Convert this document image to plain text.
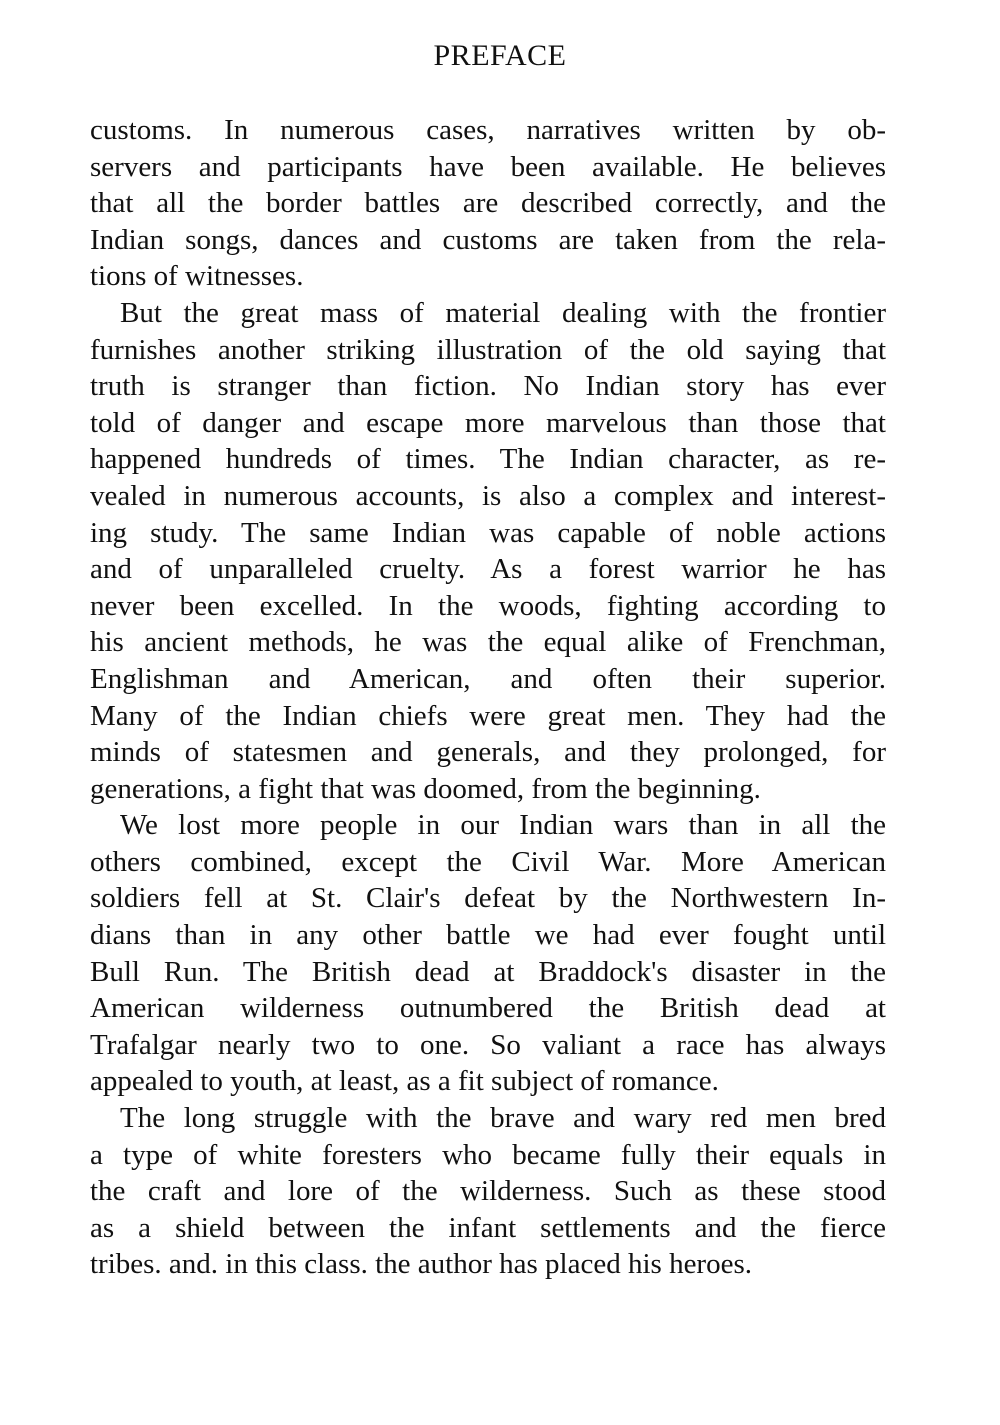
PREFACE
customs. In numerous cases, narratives written by ob-
servers and participants have been available. He believes
that all the border battles are described correctly, and the
Indian songs, dances and customs are taken from the rela-
tions of witnesses.
But the great mass of material dealing with the frontier
furnishes another striking illustration of the old saying that
truth is stranger than fiction. No Indian story has ever
told of danger and escape more marvelous than those that
happened hundreds of times. The Indian character, as re-
vealed in numerous accounts, is also a complex and interest-
ing study. The same Indian was capable of noble actions
and of unparalleled cruelty. As a forest warrior he has
never been excelled. In the woods, fighting according to
his ancient methods, he was the equal alike of Frenchman,
Englishman and American, and often their superior.
Many of the Indian chiefs were great men. They had the
minds of statesmen and generals, and they prolonged, for
generations, a fight that was doomed, from the beginning.
We lost more people in our Indian wars than in all the
others combined, except the Civil War. More American
soldiers fell at St. Clair's defeat by the Northwestern In-
dians than in any other battle we had ever fought until
Bull Run. The British dead at Braddock's disaster in the
American wilderness outnumbered the British dead at
Trafalgar nearly two to one. So valiant a race has always
appealed to youth, at least, as a fit subject of romance.
The long struggle with the brave and wary red men bred
a type of white foresters who became fully their equals in
the craft and lore of the wilderness. Such as these stood
as a shield between the infant settlements and the fierce
tribes. and. in this class. the author has placed his heroes.
